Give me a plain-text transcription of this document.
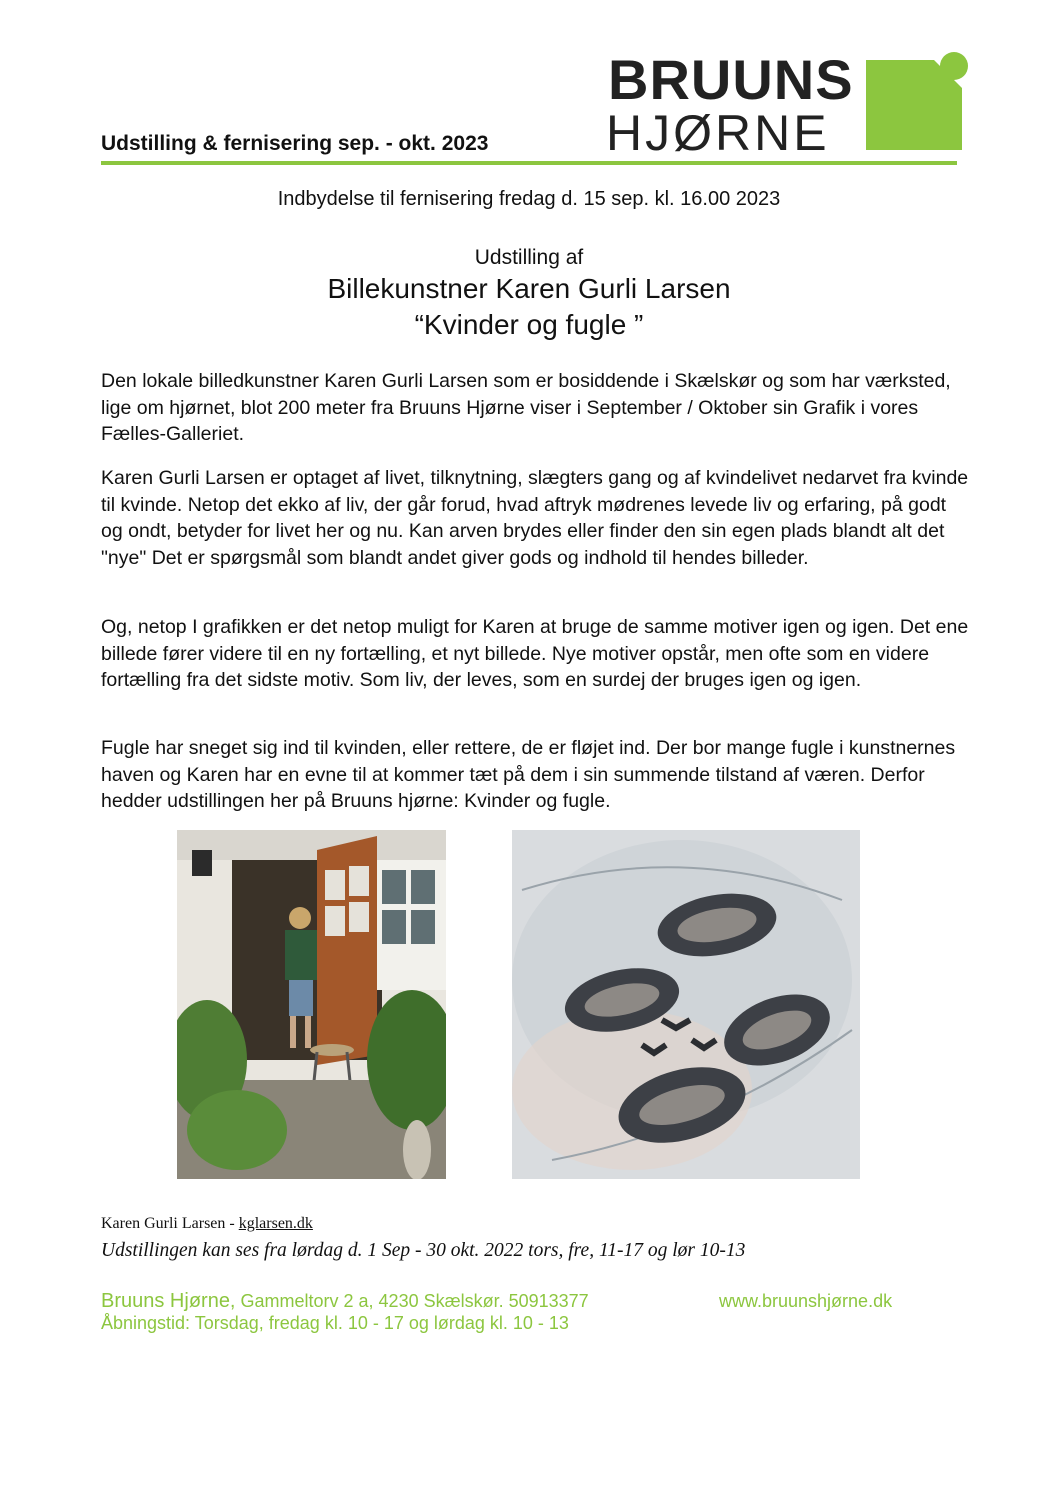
BRUUNS
HJØRNE
Udstilling & fernisering sep. - okt. 2023
Indbydelse til fernisering fredag d. 15 sep. kl. 16.00 2023
Udstilling af
Billekunstner Karen Gurli Larsen
“Kvinder og fugle ”
Den lokale billedkunstner Karen Gurli Larsen som er bosiddende i Skælskør og som har værksted, lige om hjørnet, blot 200 meter fra Bruuns Hjørne viser i September / Oktober sin Grafik i vores Fælles-Galleriet.
Karen Gurli Larsen er optaget af livet, tilknytning, slægters gang og af kvindelivet nedarvet fra kvinde til kvinde. Netop det ekko af liv, der går forud, hvad aftryk mødrenes levede liv og erfaring, på godt og ondt, betyder for livet her og nu. Kan arven brydes eller finder den sin egen plads blandt alt det "nye" Det er spørgsmål som blandt andet giver gods og indhold til hendes billeder.
Og, netop I grafikken er det netop muligt for Karen at bruge de samme motiver igen og igen. Det ene billede fører videre til en ny fortælling, et nyt billede. Nye motiver opstår, men ofte som en videre fortælling fra det sidste motiv. Som liv, der leves, som en surdej der bruges igen og igen.
Fugle har sneget sig ind til kvinden, eller rettere, de er fløjet ind. Der bor mange fugle i kunstnernes haven og Karen har en evne til at kommer tæt på dem i sin summende tilstand af væren. Derfor hedder udstillingen her på Bruuns hjørne: Kvinder og fugle.
Karen Gurli Larsen - kglarsen.dk
Udstillingen kan ses fra lørdag d. 1 Sep - 30 okt. 2022 tors, fre, 11-17 og lør 10-13
Bruuns Hjørne, Gammeltorv 2 a, 4230 Skælskør. 50913377	www.bruunshjørne.dk
Åbningstid: Torsdag, fredag kl. 10 - 17 og lørdag kl. 10 - 13
